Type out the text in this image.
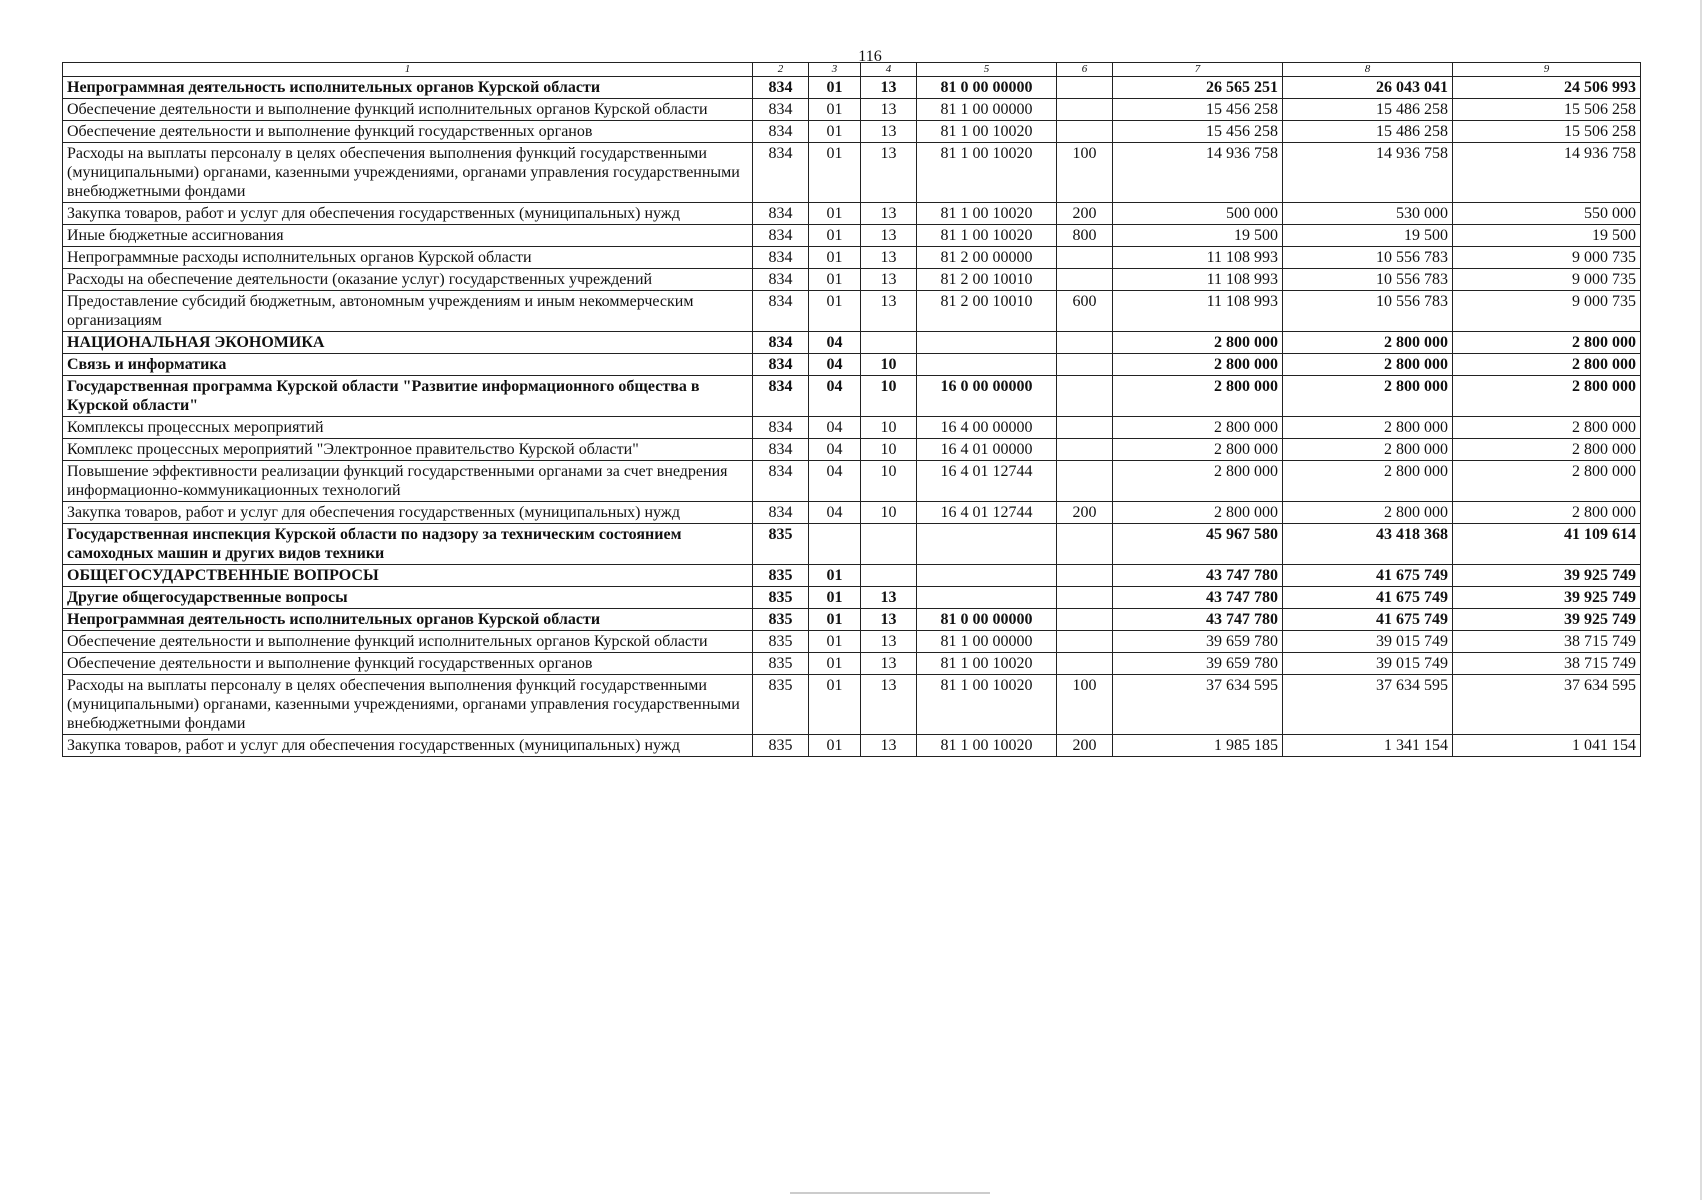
116
1	2	3	4	5	6	7	8	9
Непрограммная деятельность исполнительных органов Курской области	834	01	13	81 0 00 00000		26 565 251	26 043 041	24 506 993
Обеспечение деятельности и выполнение функций исполнительных органов Курской области	834	01	13	81 1 00 00000		15 456 258	15 486 258	15 506 258
Обеспечение деятельности и выполнение функций государственных органов	834	01	13	81 1 00 10020		15 456 258	15 486 258	15 506 258
Расходы на выплаты персоналу в целях обеспечения выполнения функций государственными (муниципальными) органами, казенными учреждениями, органами управления государственными внебюджетными фондами	834	01	13	81 1 00 10020	100	14 936 758	14 936 758	14 936 758
Закупка товаров, работ и услуг для обеспечения государственных (муниципальных) нужд	834	01	13	81 1 00 10020	200	500 000	530 000	550 000
Иные бюджетные ассигнования	834	01	13	81 1 00 10020	800	19 500	19 500	19 500
Непрограммные расходы исполнительных органов Курской области	834	01	13	81 2 00 00000		11 108 993	10 556 783	9 000 735
Расходы на обеспечение деятельности (оказание услуг) государственных учреждений	834	01	13	81 2 00 10010		11 108 993	10 556 783	9 000 735
Предоставление субсидий бюджетным, автономным учреждениям и иным некоммерческим организациям	834	01	13	81 2 00 10010	600	11 108 993	10 556 783	9 000 735
НАЦИОНАЛЬНАЯ ЭКОНОМИКА	834	04				2 800 000	2 800 000	2 800 000
Связь и информатика	834	04	10			2 800 000	2 800 000	2 800 000
Государственная программа Курской области "Развитие информационного общества в Курской области"	834	04	10	16 0 00 00000		2 800 000	2 800 000	2 800 000
Комплексы процессных мероприятий	834	04	10	16 4 00 00000		2 800 000	2 800 000	2 800 000
Комплекс процессных мероприятий "Электронное правительство Курской области"	834	04	10	16 4 01 00000		2 800 000	2 800 000	2 800 000
Повышение эффективности реализации функций государственными органами за счет внедрения информационно-коммуникационных технологий	834	04	10	16 4 01 12744		2 800 000	2 800 000	2 800 000
Закупка товаров, работ и услуг для обеспечения государственных (муниципальных) нужд	834	04	10	16 4 01 12744	200	2 800 000	2 800 000	2 800 000
Государственная инспекция Курской области по надзору за техническим состоянием самоходных машин и других видов техники	835					45 967 580	43 418 368	41 109 614
ОБЩЕГОСУДАРСТВЕННЫЕ ВОПРОСЫ	835	01				43 747 780	41 675 749	39 925 749
Другие общегосударственные вопросы	835	01	13			43 747 780	41 675 749	39 925 749
Непрограммная деятельность исполнительных органов Курской области	835	01	13	81 0 00 00000		43 747 780	41 675 749	39 925 749
Обеспечение деятельности и выполнение функций исполнительных органов Курской области	835	01	13	81 1 00 00000		39 659 780	39 015 749	38 715 749
Обеспечение деятельности и выполнение функций государственных органов	835	01	13	81 1 00 10020		39 659 780	39 015 749	38 715 749
Расходы на выплаты персоналу в целях обеспечения выполнения функций государственными (муниципальными) органами, казенными учреждениями, органами управления государственными внебюджетными фондами	835	01	13	81 1 00 10020	100	37 634 595	37 634 595	37 634 595
Закупка товаров, работ и услуг для обеспечения государственных (муниципальных) нужд	835	01	13	81 1 00 10020	200	1 985 185	1 341 154	1 041 154
